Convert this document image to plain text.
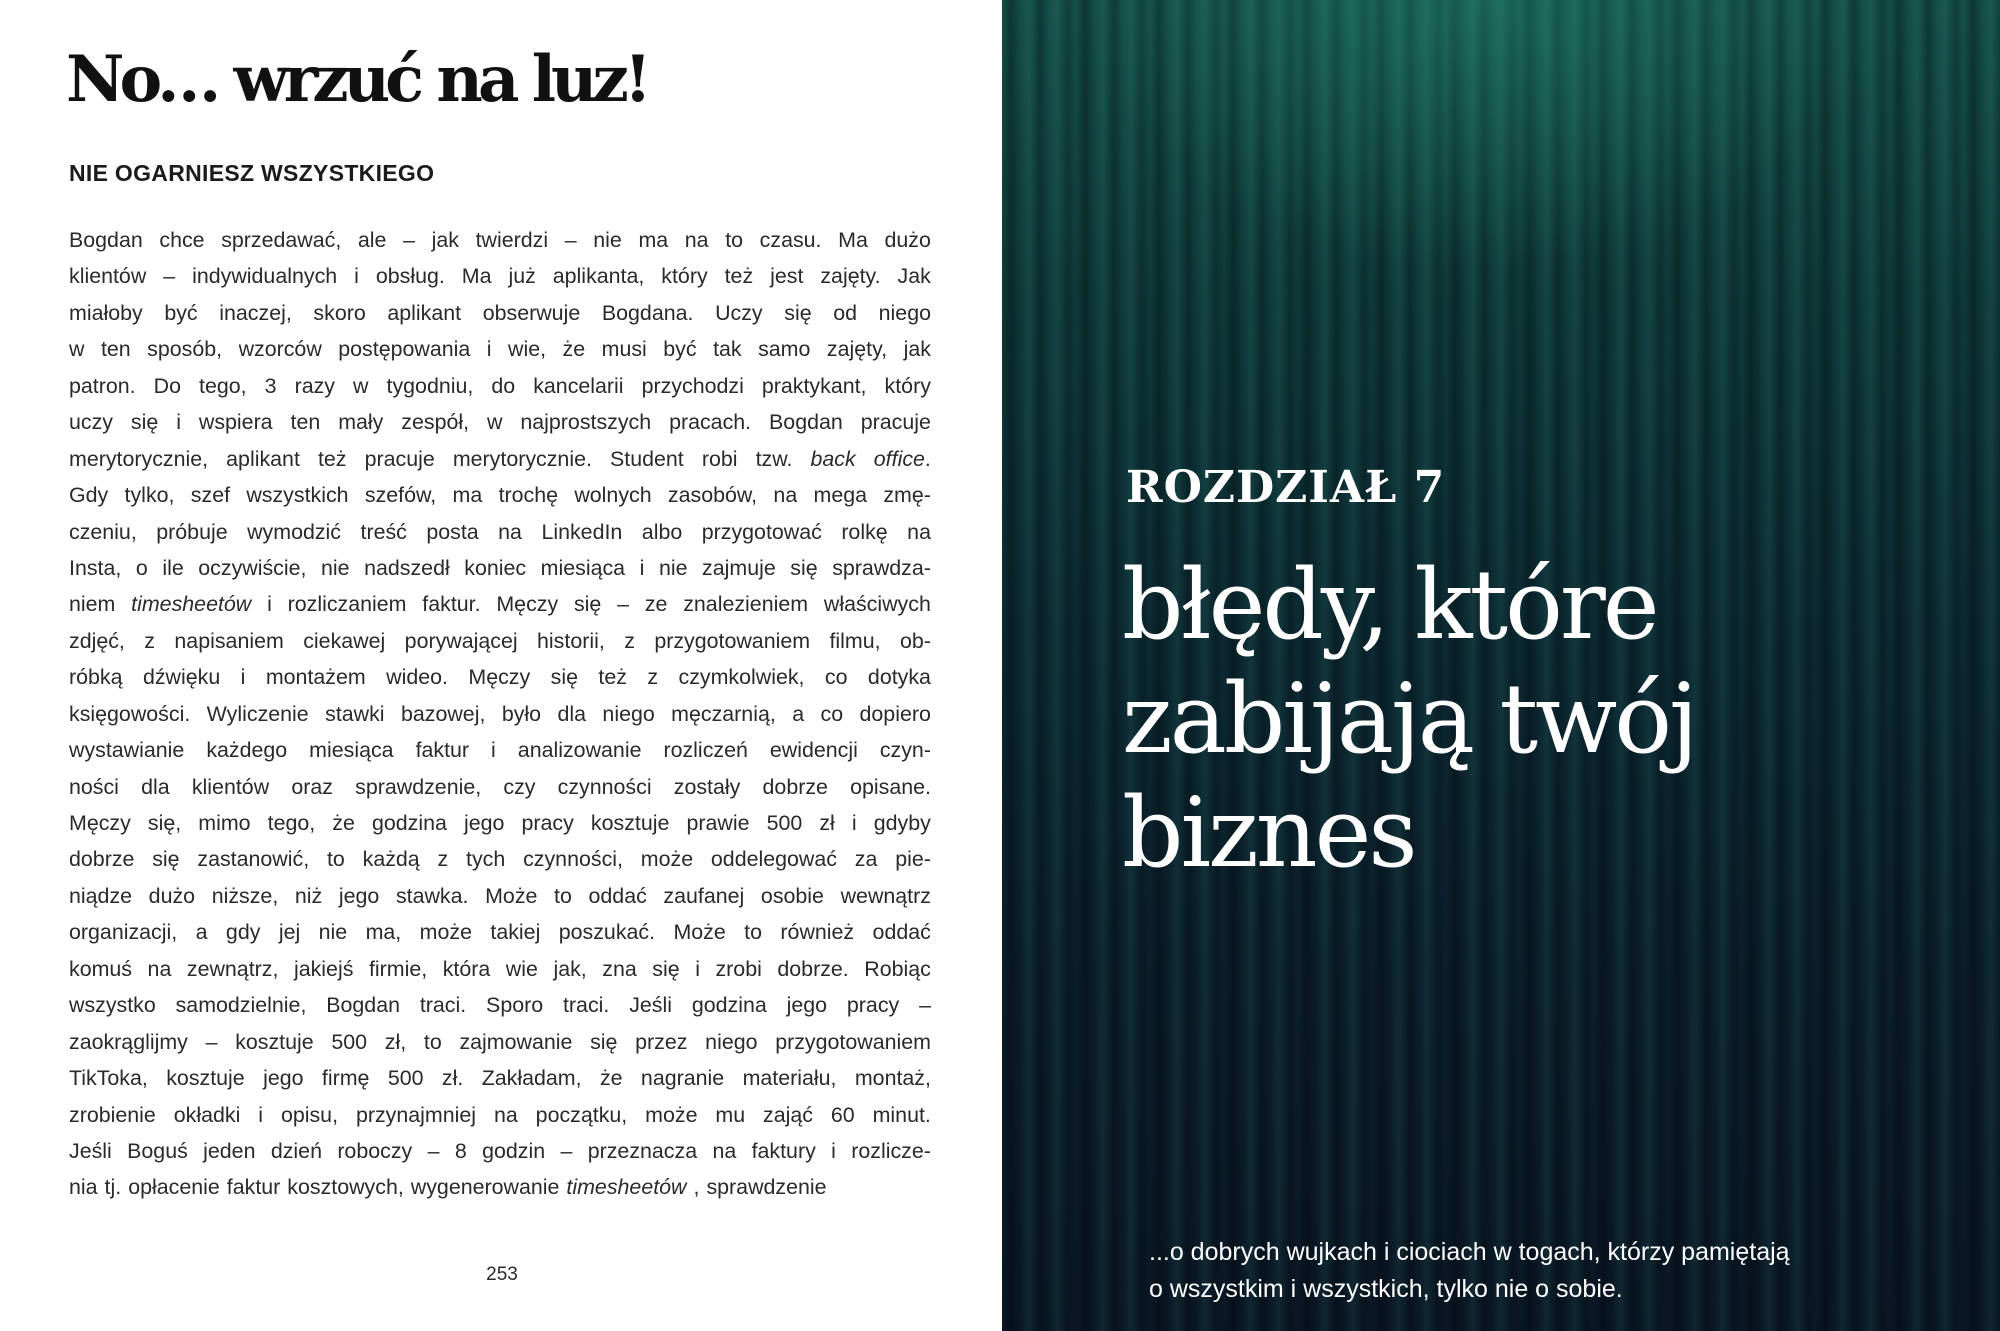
No… wrzuć na luz!
NIE OGARNIESZ WSZYSTKIEGO
Bogdan chce sprzedawać, ale – jak twierdzi – nie ma na to czasu. Ma dużo
klientów – indywidualnych i obsług. Ma już aplikanta, który też jest zajęty. Jak
miałoby być inaczej, skoro aplikant obserwuje Bogdana. Uczy się od niego
w ten sposób, wzorców postępowania i wie, że musi być tak samo zajęty, jak
patron. Do tego, 3 razy w tygodniu, do kancelarii przychodzi praktykant, który
uczy się i wspiera ten mały zespół, w najprostszych pracach. Bogdan pracuje
merytorycznie, aplikant też pracuje merytorycznie. Student robi tzw. back office.
Gdy tylko, szef wszystkich szefów, ma trochę wolnych zasobów, na mega zmę-
czeniu, próbuje wymodzić treść posta na LinkedIn albo przygotować rolkę na
Insta, o ile oczywiście, nie nadszedł koniec miesiąca i nie zajmuje się sprawdza-
niem timesheetów i rozliczaniem faktur. Męczy się – ze znalezieniem właściwych
zdjęć, z napisaniem ciekawej porywającej historii, z przygotowaniem filmu, ob-
róbką dźwięku i montażem wideo. Męczy się też z czymkolwiek, co dotyka
księgowości. Wyliczenie stawki bazowej, było dla niego męczarnią, a co dopiero
wystawianie każdego miesiąca faktur i analizowanie rozliczeń ewidencji czyn-
ności dla klientów oraz sprawdzenie, czy czynności zostały dobrze opisane.
Męczy się, mimo tego, że godzina jego pracy kosztuje prawie 500 zł i gdyby
dobrze się zastanowić, to każdą z tych czynności, może oddelegować za pie-
niądze dużo niższe, niż jego stawka. Może to oddać zaufanej osobie wewnątrz
organizacji, a gdy jej nie ma, może takiej poszukać. Może to również oddać
komuś na zewnątrz, jakiejś firmie, która wie jak, zna się i zrobi dobrze. Robiąc
wszystko samodzielnie, Bogdan traci. Sporo traci. Jeśli godzina jego pracy –
zaokrąglijmy – kosztuje 500 zł, to zajmowanie się przez niego przygotowaniem
TikToka, kosztuje jego firmę 500 zł. Zakładam, że nagranie materiału, montaż,
zrobienie okładki i opisu, przynajmniej na początku, może mu zająć 60 minut.
Jeśli Boguś jeden dzień roboczy – 8 godzin – przeznacza na faktury i rozlicze-
nia tj. opłacenie faktur kosztowych, wygenerowanie timesheetów , sprawdzenie
253
ROZDZIAŁ 7
błędy, które
zabijają twój
biznes

...o dobrych wujkach i ciociach w togach, którzy pamiętają
o wszystkim i wszystkich, tylko nie o sobie.
